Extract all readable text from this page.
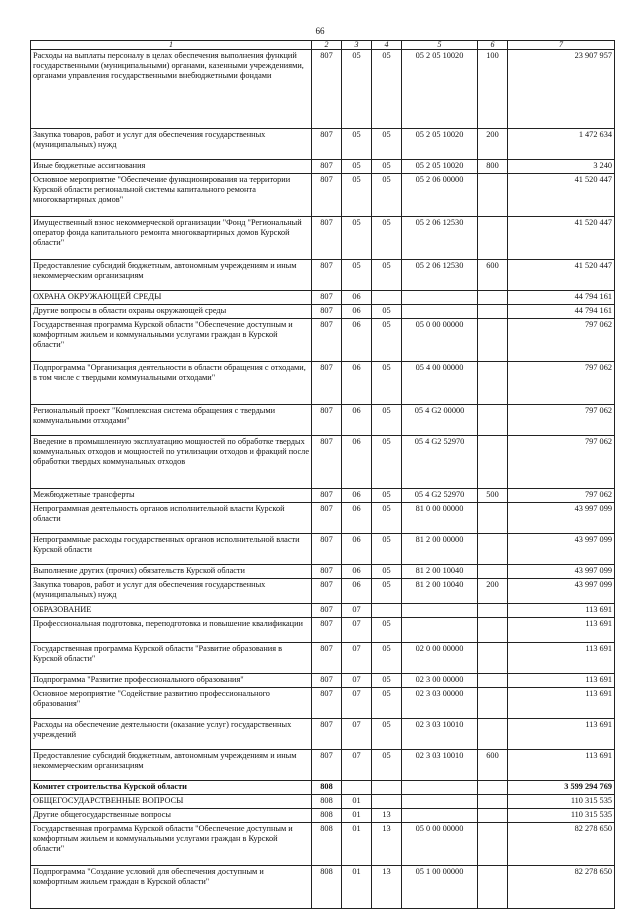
66
1	2	3	4	5	6	7
Расходы на выплаты персоналу в целах обеспечения выполнения функций государственными (муниципальными) органами, казенными учреждениями, органами управления государственными внебюджетными фондами	807	05	05	05 2 05 10020	100	23 907 957
Закупка товаров, работ и услуг для обеспечения государственных (муниципальных) нужд	807	05	05	05 2 05 10020	200	1 472 634
Иные бюджетные ассигнования	807	05	05	05 2 05 10020	800	3 240
Основное мероприятие "Обеспечение функционирования на территории Курской области региональной системы капитального ремонта многоквартирных домов"	807	05	05	05 2 06 00000		41 520 447
Имущественный взнос некоммерческой организации "Фонд "Региональный оператор фонда капитального ремонта многоквартирных домов Курской области"	807	05	05	05 2 06 12530		41 520 447
Предоставление субсидий бюджетным, автономным учреждениям и иным некоммерческим организациям	807	05	05	05 2 06 12530	600	41 520 447
ОХРАНА ОКРУЖАЮЩЕЙ СРЕДЫ	807	06				44 794 161
Другие вопросы в области охраны окружающей среды	807	06	05			44 794 161
Государственная программа Курской области "Обеспечение доступным и комфортным жильем и коммунальными услугами граждан в Курской области"	807	06	05	05 0 00 00000		797 062
Подпрограмма "Организация деятельности в области обращения с отходами, в том числе с твердыми коммунальными отходами"	807	06	05	05 4 00 00000		797 062
Региональный проект "Комплексная система обращения с твердыми коммунальными отходами"	807	06	05	05 4 G2 00000		797 062
Введение в промышленную эксплуатацию мощностей по обработке твердых коммунальных отходов и мощностей по утилизации отходов и фракций после обработки твердых коммунальных отходов	807	06	05	05 4 G2 52970		797 062
Межбюджетные трансферты	807	06	05	05 4 G2 52970	500	797 062
Непрограммная деятельность органов исполнительной власти Курской области	807	06	05	81 0 00 00000		43 997 099
Непрограммные расходы государственных органов исполнительной власти Курской области	807	06	05	81 2 00 00000		43 997 099
Выполнение других (прочих) обязательств Курской области	807	06	05	81 2 00 10040		43 997 099
Закупка товаров, работ и услуг для обеспечения государственных (муниципальных) нужд	807	06	05	81 2 00 10040	200	43 997 099
ОБРАЗОВАНИЕ	807	07				113 691
Профессиональная подготовка, переподготовка и повышение квалификации	807	07	05			113 691
Государственная программа Курской области "Развитие образования в Курской области"	807	07	05	02 0 00 00000		113 691
Подпрограмма "Развитие профессионального образования"	807	07	05	02 3 00 00000		113 691
Основное мероприятие "Содействие развитию профессионального образования"	807	07	05	02 3 03 00000		113 691
Расходы на обеспечение деятельности (оказание услуг) государственных учреждений	807	07	05	02 3 03 10010		113 691
Предоставление субсидий бюджетным, автономным учреждениям и иным некоммерческим организациям	807	07	05	02 3 03 10010	600	113 691
Комитет строительства Курской области	808					3 599 294 769
ОБЩЕГОСУДАРСТВЕННЫЕ ВОПРОСЫ	808	01				110 315 535
Другие общегосударственные вопросы	808	01	13			110 315 535
Государственная программа Курской области "Обеспечение доступным и комфортным жильем и коммунальными услугами граждан в Курской области"	808	01	13	05 0 00 00000		82 278 650
Подпрограмма "Создание условий для обеспечения доступным и комфортным жильем граждан в Курской области"	808	01	13	05 1 00 00000		82 278 650
